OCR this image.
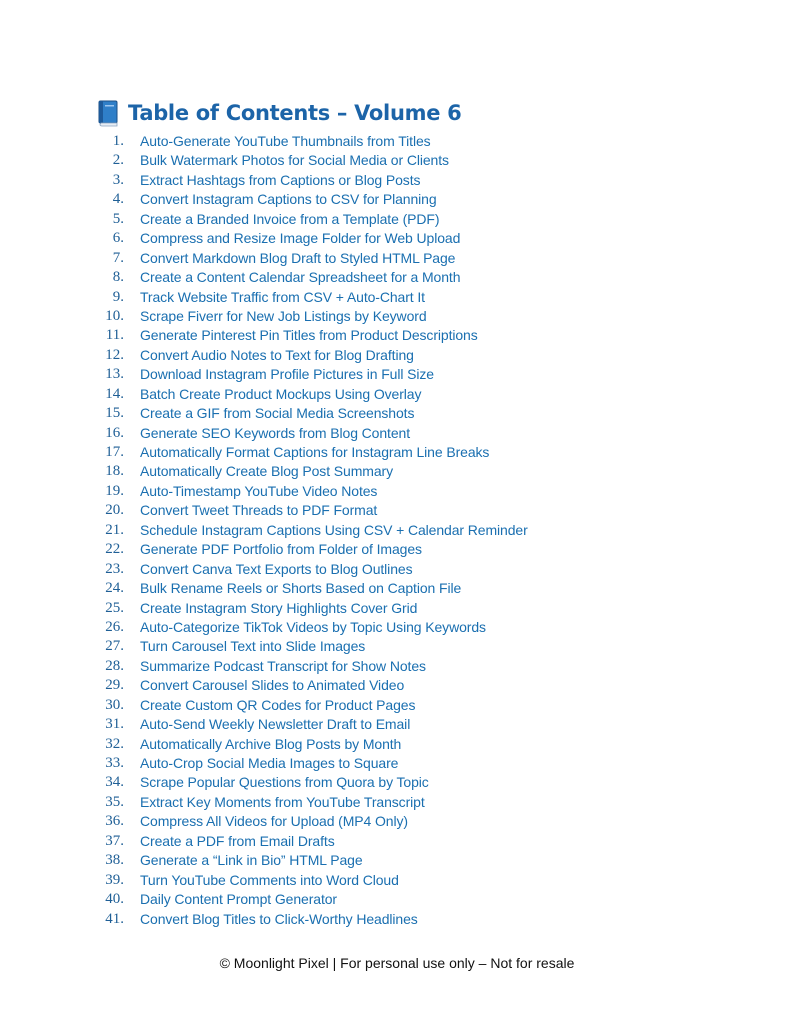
Table of Contents – Volume 6
1. Auto-Generate YouTube Thumbnails from Titles
2. Bulk Watermark Photos for Social Media or Clients
3. Extract Hashtags from Captions or Blog Posts
4. Convert Instagram Captions to CSV for Planning
5. Create a Branded Invoice from a Template (PDF)
6. Compress and Resize Image Folder for Web Upload
7. Convert Markdown Blog Draft to Styled HTML Page
8. Create a Content Calendar Spreadsheet for a Month
9. Track Website Traffic from CSV + Auto-Chart It
10. Scrape Fiverr for New Job Listings by Keyword
11. Generate Pinterest Pin Titles from Product Descriptions
12. Convert Audio Notes to Text for Blog Drafting
13. Download Instagram Profile Pictures in Full Size
14. Batch Create Product Mockups Using Overlay
15. Create a GIF from Social Media Screenshots
16. Generate SEO Keywords from Blog Content
17. Automatically Format Captions for Instagram Line Breaks
18. Automatically Create Blog Post Summary
19. Auto-Timestamp YouTube Video Notes
20. Convert Tweet Threads to PDF Format
21. Schedule Instagram Captions Using CSV + Calendar Reminder
22. Generate PDF Portfolio from Folder of Images
23. Convert Canva Text Exports to Blog Outlines
24. Bulk Rename Reels or Shorts Based on Caption File
25. Create Instagram Story Highlights Cover Grid
26. Auto-Categorize TikTok Videos by Topic Using Keywords
27. Turn Carousel Text into Slide Images
28. Summarize Podcast Transcript for Show Notes
29. Convert Carousel Slides to Animated Video
30. Create Custom QR Codes for Product Pages
31. Auto-Send Weekly Newsletter Draft to Email
32. Automatically Archive Blog Posts by Month
33. Auto-Crop Social Media Images to Square
34. Scrape Popular Questions from Quora by Topic
35. Extract Key Moments from YouTube Transcript
36. Compress All Videos for Upload (MP4 Only)
37. Create a PDF from Email Drafts
38. Generate a “Link in Bio” HTML Page
39. Turn YouTube Comments into Word Cloud
40. Daily Content Prompt Generator
41. Convert Blog Titles to Click-Worthy Headlines
© Moonlight Pixel | For personal use only – Not for resale
